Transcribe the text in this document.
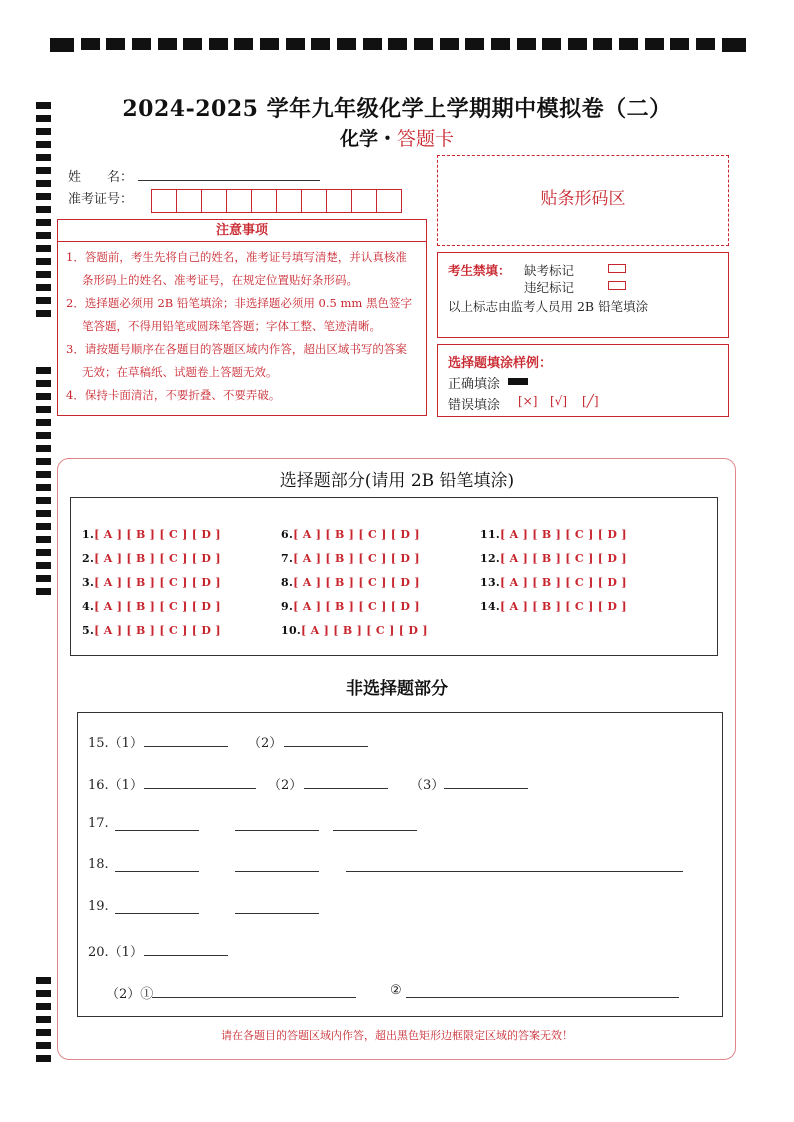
2024-2025 学年九年级化学上学期期中模拟卷（二）
化学・答题卡
姓　　名：
准考证号：
注意事项

1．答题前，考生先将自己的姓名，准考证号填写清楚，并认真核准条形码上的姓名、准考证号，在规定位置贴好条形码。

2．选择题必须用 2B 铅笔填涂；非选择题必须用 0.5 mm 黑色签字笔答题，不得用铅笔或圆珠笔答题；字体工整、笔迹清晰。

3．请按题号顺序在各题目的答题区域内作答，超出区域书写的答案无效；在草稿纸、试题卷上答题无效。

4．保持卡面清洁，不要折叠、不要弄破。

贴条形码区
考生禁填： 缺考标记
违纪标记
以上标志由监考人员用 2B 铅笔填涂
选择题填涂样例：
正确填涂
错误填涂 [×] [√] [╱]
选择题部分(请用 2B 铅笔填涂)
1.[ A ] [ B ] [ C ] [ D ]
2.[ A ] [ B ] [ C ] [ D ]
3.[ A ] [ B ] [ C ] [ D ]
4.[ A ] [ B ] [ C ] [ D ]
5.[ A ] [ B ] [ C ] [ D ]
6.[ A ] [ B ] [ C ] [ D ]
7.[ A ] [ B ] [ C ] [ D ]
8.[ A ] [ B ] [ C ] [ D ]
9.[ A ] [ B ] [ C ] [ D ]
10.[ A ] [ B ] [ C ] [ D ]
11.[ A ] [ B ] [ C ] [ D ]
12.[ A ] [ B ] [ C ] [ D ]
13.[ A ] [ B ] [ C ] [ D ]
14.[ A ] [ B ] [ C ] [ D ]
非选择题部分
15.（1）	（2）
16.（1）	（2）	（3）
17.
18.
19.
20.（1）
（2）①	②
请在各题目的答题区域内作答，超出黑色矩形边框限定区域的答案无效！
